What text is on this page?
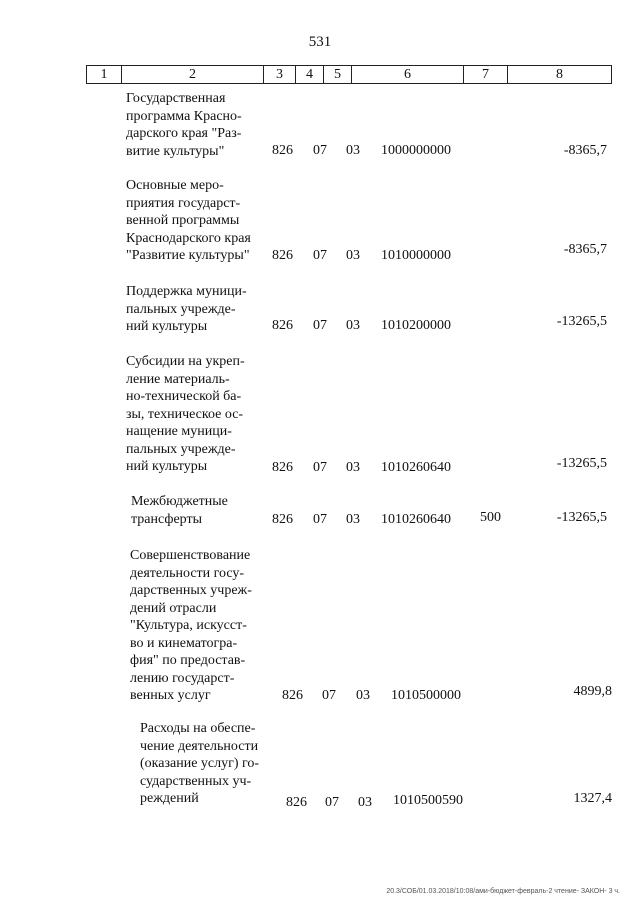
531
1	2	3	4	5	6	7	8
Государственная
программа Красно-
дарского края "Раз-
витие культуры"	826 07 03 1000000000	-8365,7
Основные меро-
приятия государст-
венной программы
Краснодарского края
"Развитие культуры"	826 07 03 1010000000	-8365,7
Поддержка муници-
пальных учрежде-
ний культуры	826 07 03 1010200000	-13265,5
Субсидии на укреп-
ление материаль-
но-технической ба-
зы, техническое ос-
нащение муници-
пальных учрежде-
ний культуры	826 07 03 1010260640	-13265,5
Межбюджетные
трансферты	826 07 03 1010260640 500	-13265,5
Совершенствование
деятельности госу-
дарственных учреж-
дений отрасли
"Культура, искусст-
во и кинематогра-
фия" по предостав-
лению государст-
венных услуг	826 07 03 1010500000	4899,8
Расходы на обеспе-
чение деятельности
(оказание услуг) го-
сударственных уч-
реждений	826 07 03 1010500590	1327,4
20.3/СОБ/01.03.2018/10:08/ами-бюджет-февраль-2 чтение- ЗАКОН- 3 ч.
